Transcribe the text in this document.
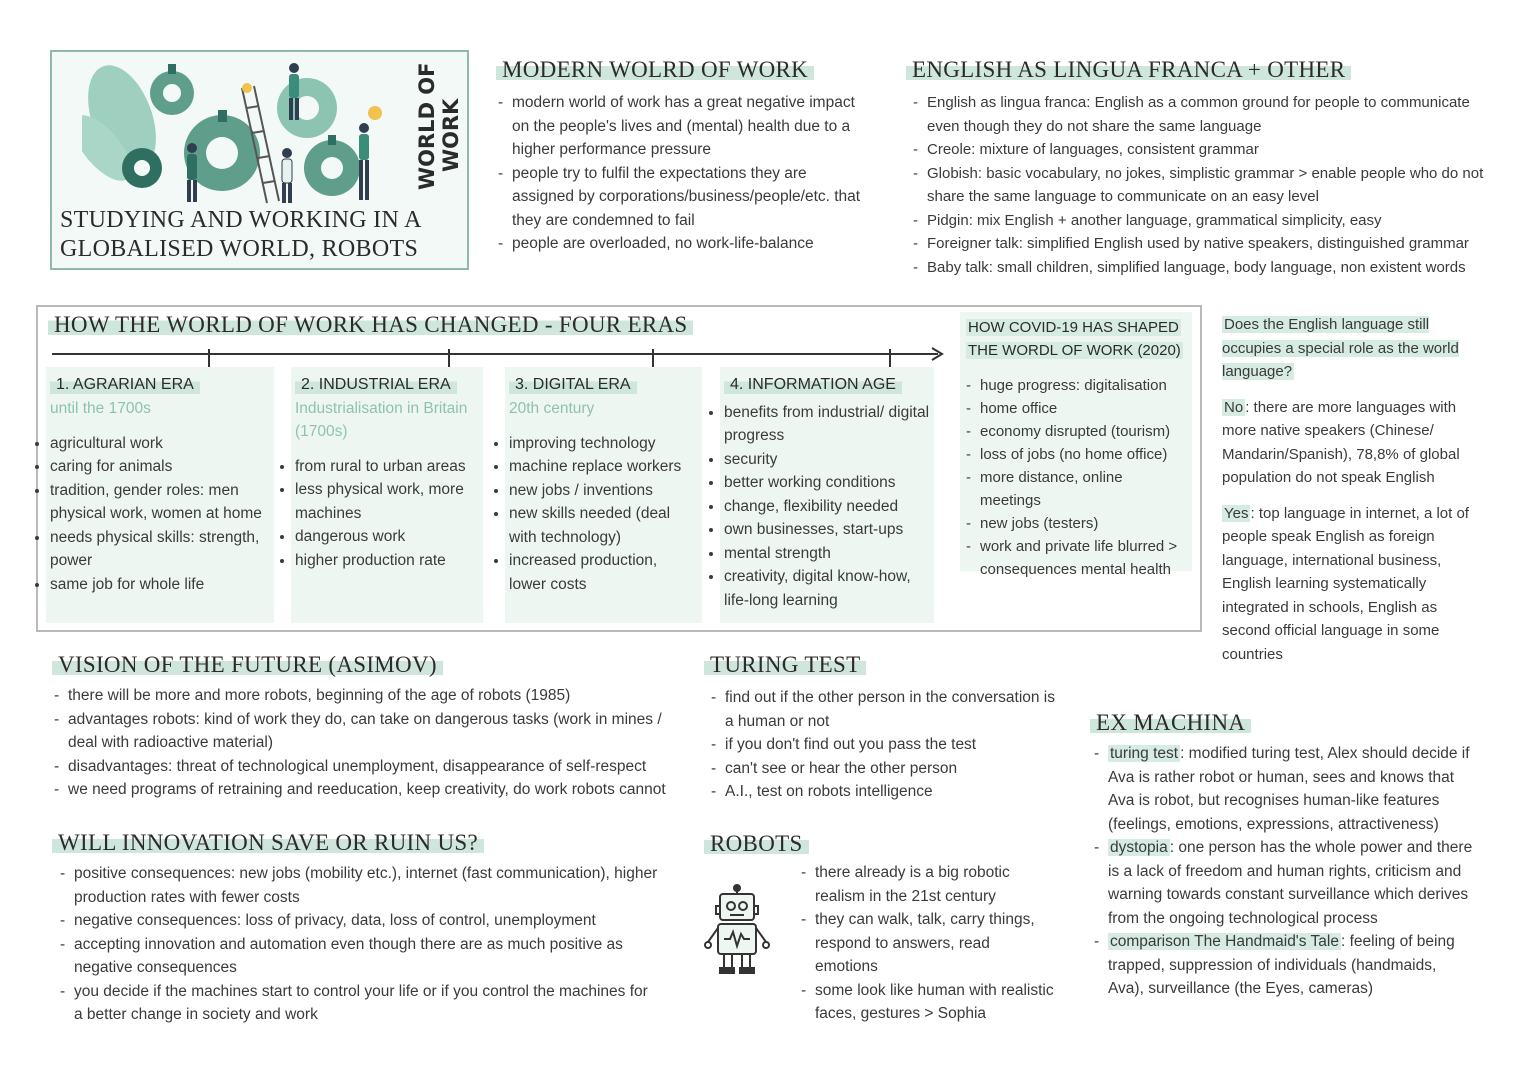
WORLD OF WORK
STUDYING AND WORKING IN A
GLOBALISED WORLD, ROBOTS
MODERN WOLRD OF WORK
- modern world of work has a great negative impact on the people's lives and (mental) health due to a higher performance pressure
- people try to fulfil the expectations they are assigned by corporations/business/people/etc. that they are condemned to fail
- people are overloaded, no work-life-balance
ENGLISH AS LINGUA FRANCA + OTHER
- English as lingua franca: English as a common ground for people to communicate even though they do not share the same language
- Creole: mixture of languages, consistent grammar
- Globish: basic vocabulary, no jokes, simplistic grammar > enable people who do not share the same language to communicate on an easy level
- Pidgin: mix English + another language, grammatical simplicity, easy
- Foreigner talk: simplified English used by native speakers, distinguished grammar
- Baby talk: small children, simplified language, body language, non existent words
HOW THE WORLD OF WORK HAS CHANGED - FOUR ERAS
1. AGRARIAN ERA
until the 1700s
• agricultural work
• caring for animals
• tradition, gender roles: men physical work, women at home
• needs physical skills: strength, power
• same job for whole life
2. INDUSTRIAL ERA
Industrialisation in Britain (1700s)
• from rural to urban areas
• less physical work, more machines
• dangerous work
• higher production rate
3. DIGITAL ERA
20th century
• improving technology
• machine replace workers
• new jobs / inventions
• new skills needed (deal with technology)
• increased production, lower costs
4. INFORMATION AGE
• benefits from industrial/ digital progress
• security
• better working conditions
• change, flexibility needed
• own businesses, start-ups
• mental strength
• creativity, digital know-how, life-long learning
HOW COVID-19 HAS SHAPED
THE WORDL OF WORK (2020)
- huge progress: digitalisation
- home office
- economy disrupted (tourism)
- loss of jobs (no home office)
- more distance, online meetings
- new jobs (testers)
- work and private life blurred > consequences mental health
Does the English language still occupies a special role as the world language?
No : there are more languages with more native speakers (Chinese/ Mandarin/Spanish), 78,8% of global population do not speak English
Yes : top language in internet, a lot of people speak English as foreign language, international business, English learning systematically integrated in schools, English as second official language in some countries
VISION OF THE FUTURE (ASIMOV)
- there will be more and more robots, beginning of the age of robots (1985)
- advantages robots: kind of work they do, can take on dangerous tasks (work in mines / deal with radioactive material)
- disadvantages: threat of technological unemployment, disappearance of self-respect
- we need programs of retraining and reeducation, keep creativity, do work robots cannot
WILL INNOVATION SAVE OR RUIN US?
- positive consequences: new jobs (mobility etc.), internet (fast communication), higher production rates with fewer costs
- negative consequences: loss of privacy, data, loss of control, unemployment
- accepting innovation and automation even though there are as much positive as negative consequences
- you decide if the machines start to control your life or if you control the machines for a better change in society and work
TURING TEST
- find out if the other person in the conversation is a human or not
- if you don't find out you pass the test
- can't see or hear the other person
- A.I., test on robots intelligence
ROBOTS
- there already is a big robotic realism in the 21st century
- they can walk, talk, carry things, respond to answers, read emotions
- some look like human with realistic faces, gestures > Sophia
EX MACHINA
- turing test : modified turing test, Alex should decide if Ava is rather robot or human, sees and knows that Ava is robot, but recognises human-like features (feelings, emotions, expressions, attractiveness)
- dystopia : one person has the whole power and there is a lack of freedom and human rights, criticism and warning towards constant surveillance which derives from the ongoing technological process
- comparison The Handmaid's Tale : feeling of being trapped, suppression of individuals (handmaids, Ava), surveillance (the Eyes, cameras)
